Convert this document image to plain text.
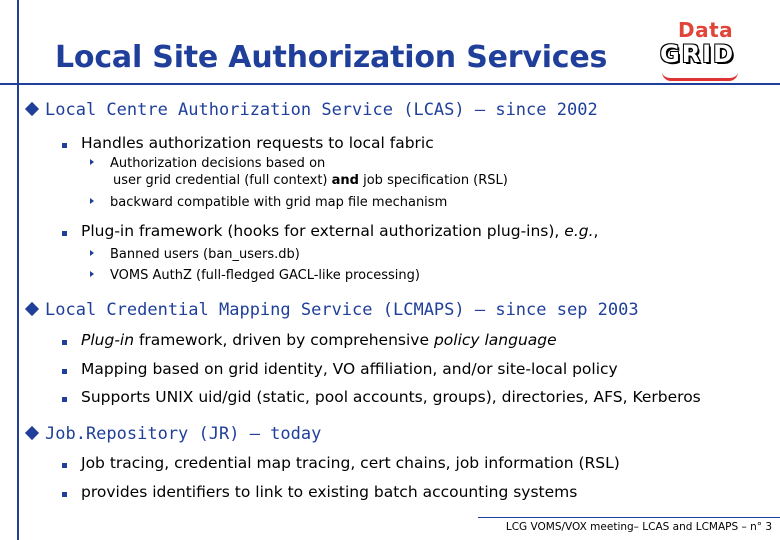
Local Site Authorization Services
Data
GRID
Local Centre Authorization Service (LCAS) – since 2002
Handles authorization requests to local fabric
Authorization decisions based on
user grid credential (full context) and job specification (RSL)
backward compatible with grid map file mechanism
Plug-in framework (hooks for external authorization plug-ins), e.g.,
Banned users (ban_users.db)
VOMS AuthZ (full-fledged GACL-like processing)
Local Credential Mapping Service (LCMAPS) – since sep 2003
Plug-in framework, driven by comprehensive policy language
Mapping based on grid identity, VO affiliation, and/or site-local policy
Supports UNIX uid/gid (static, pool accounts, groups), directories, AFS, Kerberos
Job.Repository (JR) – today
Job tracing, credential map tracing, cert chains, job information (RSL)
provides identifiers to link to existing batch accounting systems
LCG VOMS/VOX meeting– LCAS and LCMAPS – n° 3
